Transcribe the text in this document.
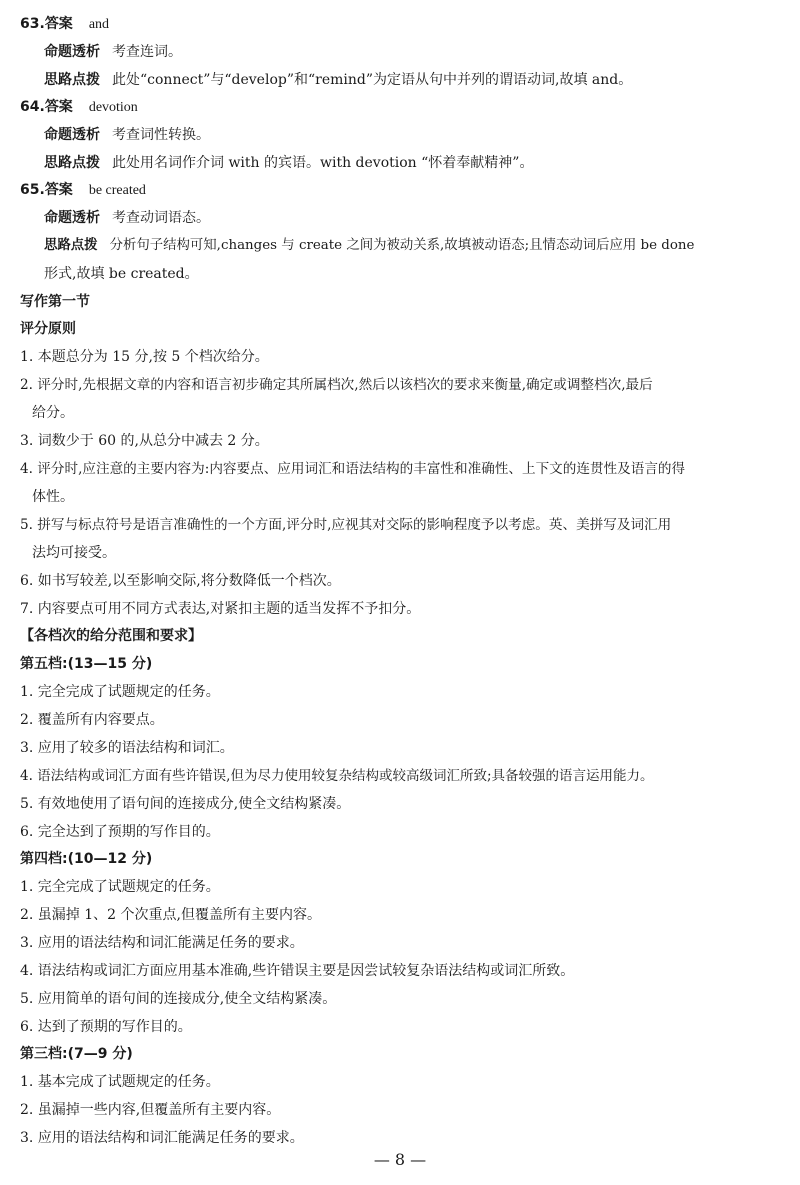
63.答案 and
命题透析 考查连词。
思路点拨 此处“connect”与“develop”和“remind”为定语从句中并列的谓语动词,故填 and。
64.答案 devotion
命题透析 考查词性转换。
思路点拨 此处用名词作介词 with 的宾语。with devotion “怀着奉献精神”。
65.答案 be created
命题透析 考查动词语态。
思路点拨 分析句子结构可知,changes 与 create 之间为被动关系,故填被动语态;且情态动词后应用 be done
形式,故填 be created。
写作第一节
评分原则
1. 本题总分为 15 分,按 5 个档次给分。
2. 评分时,先根据文章的内容和语言初步确定其所属档次,然后以该档次的要求来衡量,确定或调整档次,最后
给分。
3. 词数少于 60 的,从总分中减去 2 分。
4. 评分时,应注意的主要内容为:内容要点、应用词汇和语法结构的丰富性和准确性、上下文的连贯性及语言的得
体性。
5. 拼写与标点符号是语言准确性的一个方面,评分时,应视其对交际的影响程度予以考虑。英、美拼写及词汇用
法均可接受。
6. 如书写较差,以至影响交际,将分数降低一个档次。
7. 内容要点可用不同方式表达,对紧扣主题的适当发挥不予扣分。
【各档次的给分范围和要求】
第五档:(13—15 分)
1. 完全完成了试题规定的任务。
2. 覆盖所有内容要点。
3. 应用了较多的语法结构和词汇。
4. 语法结构或词汇方面有些许错误,但为尽力使用较复杂结构或较高级词汇所致;具备较强的语言运用能力。
5. 有效地使用了语句间的连接成分,使全文结构紧凑。
6. 完全达到了预期的写作目的。
第四档:(10—12 分)
1. 完全完成了试题规定的任务。
2. 虽漏掉 1、2 个次重点,但覆盖所有主要内容。
3. 应用的语法结构和词汇能满足任务的要求。
4. 语法结构或词汇方面应用基本准确,些许错误主要是因尝试较复杂语法结构或词汇所致。
5. 应用简单的语句间的连接成分,使全文结构紧凑。
6. 达到了预期的写作目的。
第三档:(7—9 分)
1. 基本完成了试题规定的任务。
2. 虽漏掉一些内容,但覆盖所有主要内容。
3. 应用的语法结构和词汇能满足任务的要求。
— 8 —
